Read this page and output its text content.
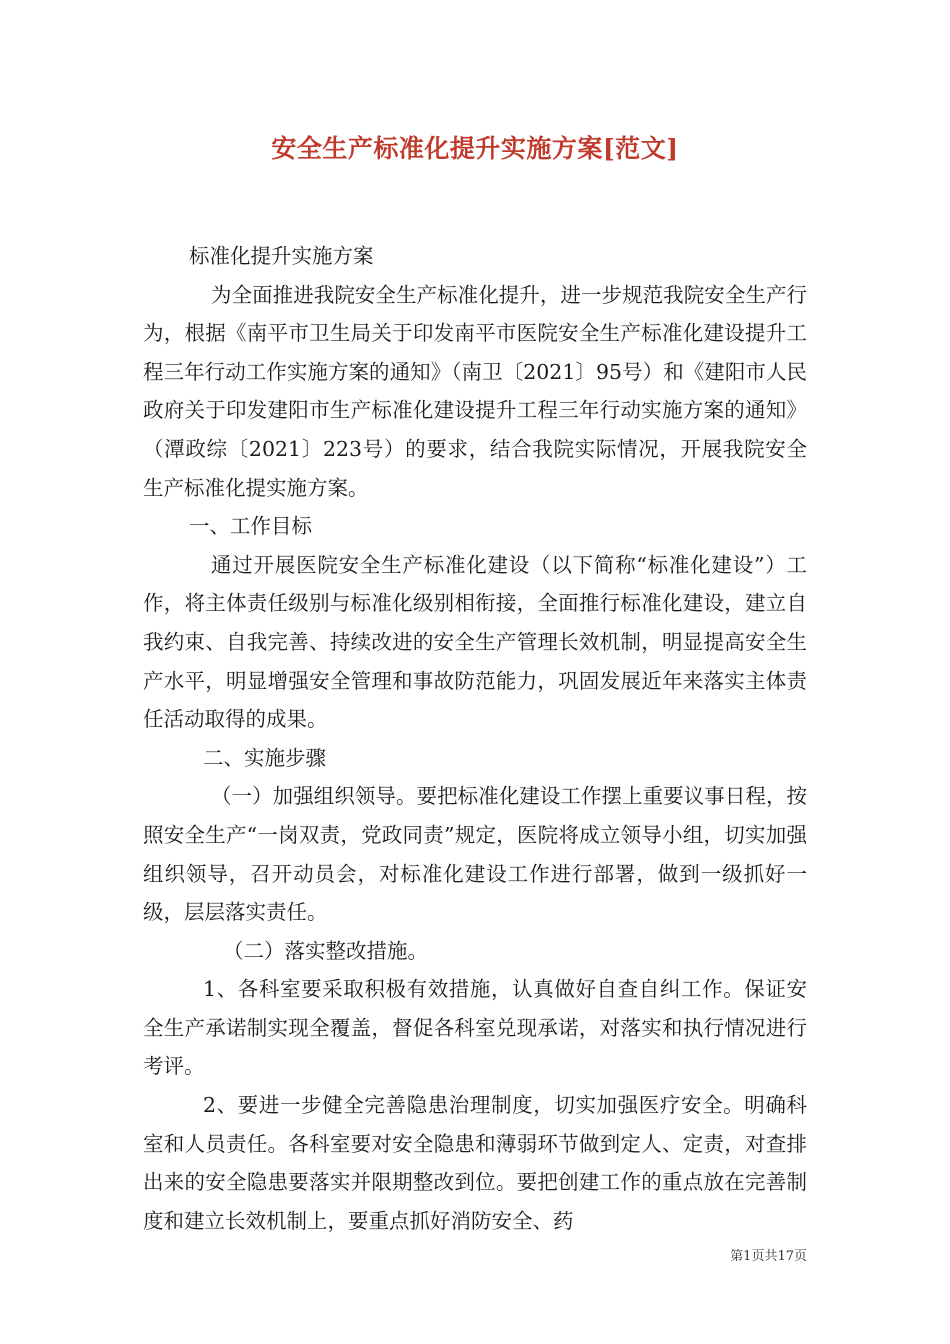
安全生产标准化提升实施方案[范文]

标准化提升实施方案

为全面推进我院安全生产标准化提升，进一步规范我院安全生产行为，根据《南平市卫生局关于印发南平市医院安全生产标准化建设提升工程三年行动工作实施方案的通知》（南卫〔2021〕95号）和《建阳市人民政府关于印发建阳市生产标准化建设提升工程三年行动实施方案的通知》（潭政综〔2021〕223号）的要求，结合我院实际情况，开展我院安全生产标准化提实施方案。

一、工作目标

通过开展医院安全生产标准化建设（以下简称“标准化建设”）工作，将主体责任级别与标准化级别相衔接，全面推行标准化建设，建立自我约束、自我完善、持续改进的安全生产管理长效机制，明显提高安全生产水平，明显增强安全管理和事故防范能力，巩固发展近年来落实主体责任活动取得的成果。

二、实施步骤

（一）加强组织领导。要把标准化建设工作摆上重要议事日程，按照安全生产“一岗双责，党政同责”规定，医院将成立领导小组，切实加强组织领导，召开动员会，对标准化建设工作进行部署，做到一级抓好一级，层层落实责任。

（二）落实整改措施。

1、各科室要采取积极有效措施，认真做好自查自纠工作。保证安全生产承诺制实现全覆盖，督促各科室兑现承诺，对落实和执行情况进行考评。

2、要进一步健全完善隐患治理制度，切实加强医疗安全。明确科室和人员责任。各科室要对安全隐患和薄弱环节做到定人、定责，对查排出来的安全隐患要落实并限期整改到位。要把创建工作的重点放在完善制度和建立长效机制上，要重点抓好消防安全、药

第1页共17页
